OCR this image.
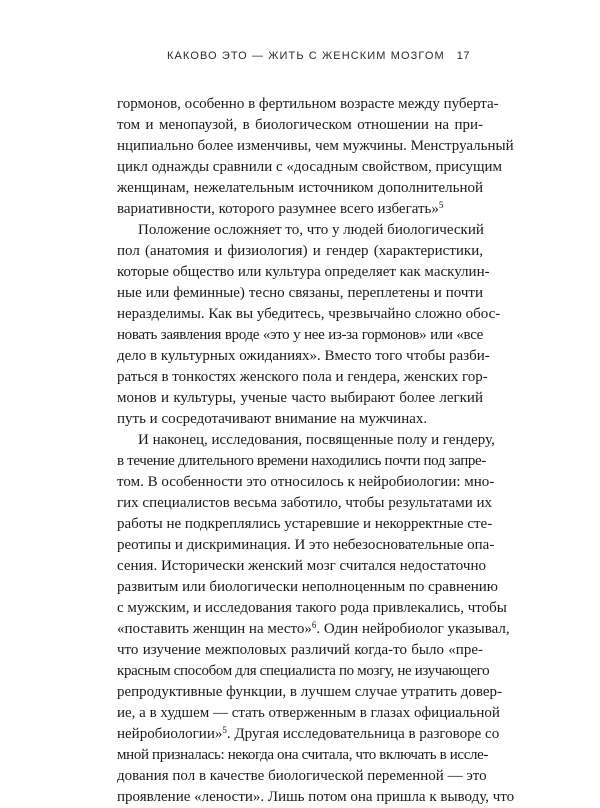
КАКОВО ЭТО — ЖИТЬ С ЖЕНСКИМ МОЗГОМ 17

гормонов, особенно в фертильном возрасте между пуберта-
том и менопаузой, в биологическом отношении на при-
нципиально более изменчивы, чем мужчины. Менструальный
цикл однажды сравнили с «досадным свойством, присущим
женщинам, нежелательным источником дополнительной
вариативности, которого разумнее всего избегать»$^5$

Положение осложняет то, что у людей биологический
пол (анатомия и физиология) и гендер (характеристики,
которые общество или культура определяет как маскулин-
ные или феминные) тесно связаны, переплетены и почти
неразделимы. Как вы убедитесь, чрезвычайно сложно обос-
новать заявления вроде «это у нее из-за гормонов» или «все
дело в культурных ожиданиях». Вместо того чтобы разби-
раться в тонкостях женского пола и гендера, женских гор-
монов и культуры, ученые часто выбирают более легкий
путь и сосредотачивают внимание на мужчинах.

И наконец, исследования, посвященные полу и гендеру,
в течение длительного времени находились почти под запре-
том. В особенности это относилось к нейробиологии: мно-
гих специалистов весьма заботило, чтобы результатами их
работы не подкреплялись устаревшие и некорректные сте-
реотипы и дискриминация. И это небезосновательные опа-
сения. Исторически женский мозг считался недостаточно
развитым или биологически неполноценным по сравнению
с мужским, и исследования такого рода привлекались, чтобы
«поставить женщин на место»$^6$. Один нейробиолог указывал,
что изучение межполовых различий когда-то было «пре-
красным способом для специалиста по мозгу, не изучающего
репродуктивные функции, в лучшем случае утратить довер-
ие, а в худшем — стать отверженным в глазах официальной
нейробиологии»$^5$. Другая исследовательница в разговоре со
мной призналась: некогда она считала, что включать в иссле-
дования пол в качестве биологической переменной — это
проявление «лености». Лишь потом она пришла к выводу, что
